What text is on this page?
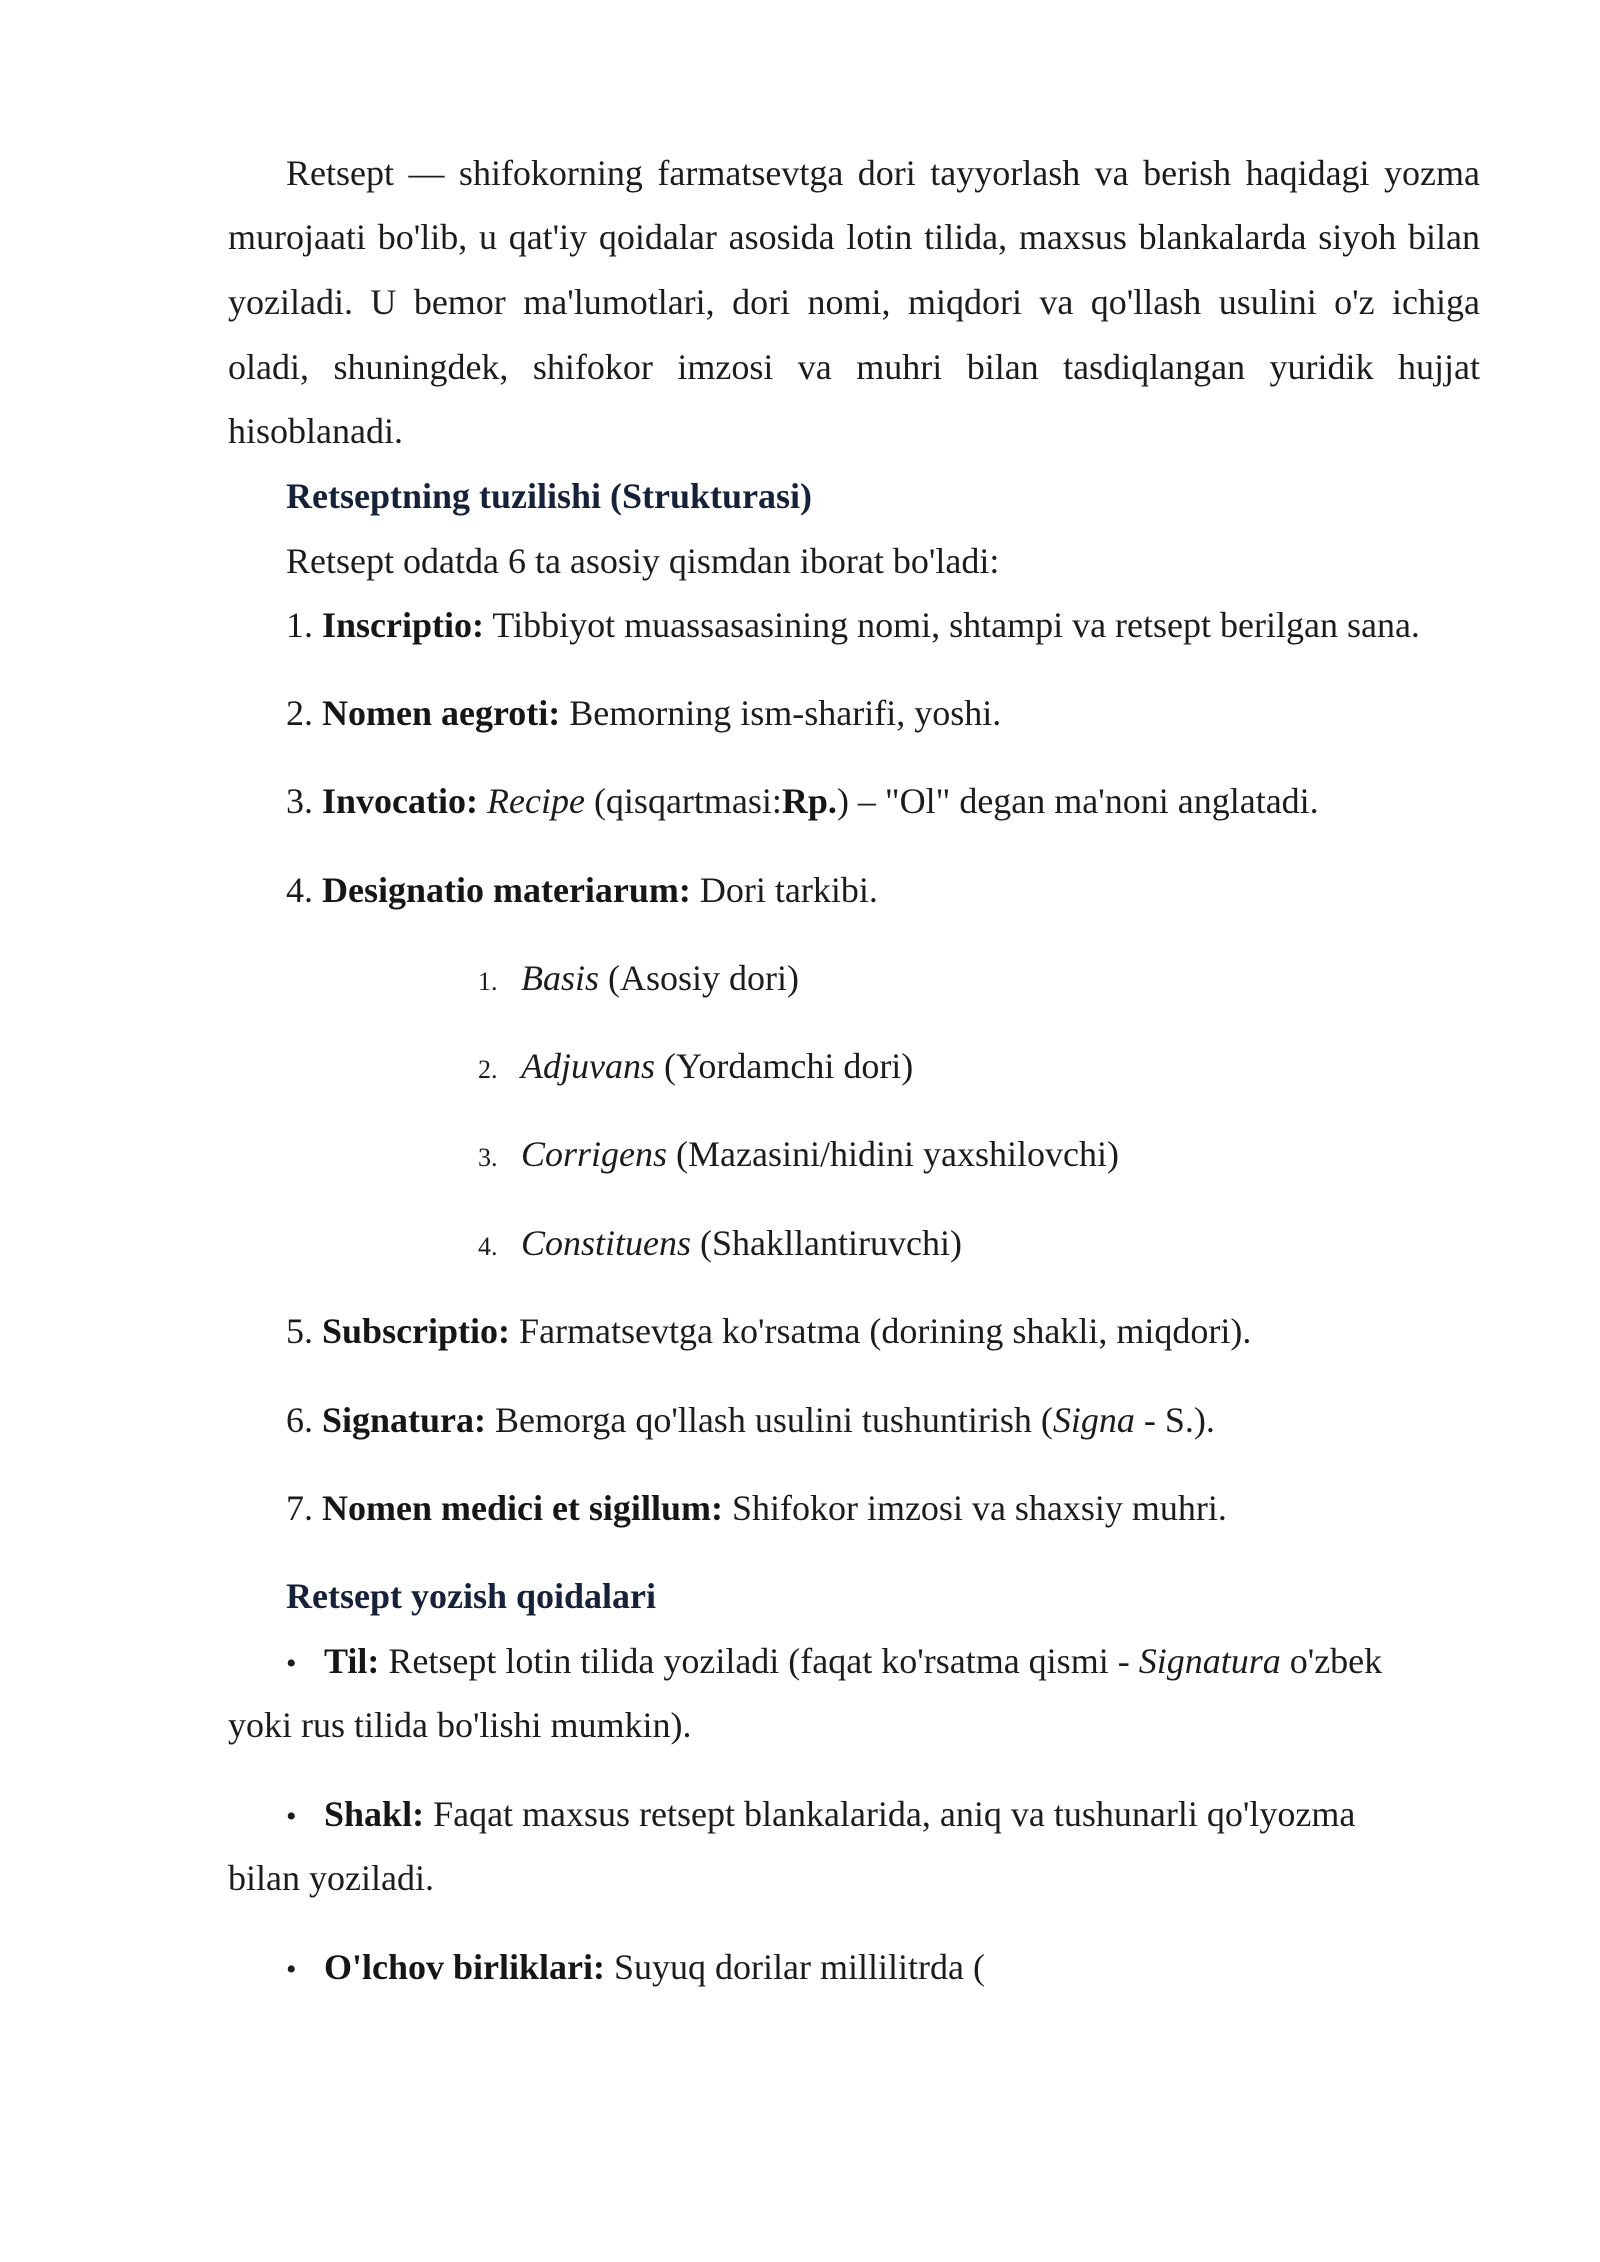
Retsept — shifokorning farmatsevtga dori tayyorlash va berish haqidagi yozma
murojaati bo'lib, u qat'iy qoidalar asosida lotin tilida, maxsus blankalarda siyoh bilan
yoziladi. U bemor ma'lumotlari, dori nomi, miqdori va qo'llash usulini o'z ichiga
oladi, shuningdek, shifokor imzosi va muhri bilan tasdiqlangan yuridik hujjat
hisoblanadi.
Retseptning tuzilishi (Strukturasi)
Retsept odatda 6 ta asosiy qismdan iborat bo'ladi:
1. Inscriptio: Tibbiyot muassasasining nomi, shtampi va retsept berilgan sana.
2. Nomen aegroti: Bemorning ism-sharifi, yoshi.
3. Invocatio: Recipe (qisqartmasi:Rp.) – "Ol" degan ma'noni anglatadi.
4. Designatio materiarum: Dori tarkibi.
1. Basis (Asosiy dori)
2. Adjuvans (Yordamchi dori)
3. Corrigens (Mazasini/hidini yaxshilovchi)
4. Constituens (Shakllantiruvchi)
5. Subscriptio: Farmatsevtga ko'rsatma (dorining shakli, miqdori).
6. Signatura: Bemorga qo'llash usulini tushuntirish (Signa - S.).
7. Nomen medici et sigillum: Shifokor imzosi va shaxsiy muhri.
Retsept yozish qoidalari
• Til: Retsept lotin tilida yoziladi (faqat ko'rsatma qismi - Signatura o'zbek
yoki rus tilida bo'lishi mumkin).
• Shakl: Faqat maxsus retsept blankalarida, aniq va tushunarli qo'lyozma
bilan yoziladi.
• O'lchov birliklari: Suyuq dorilar millilitrda (
